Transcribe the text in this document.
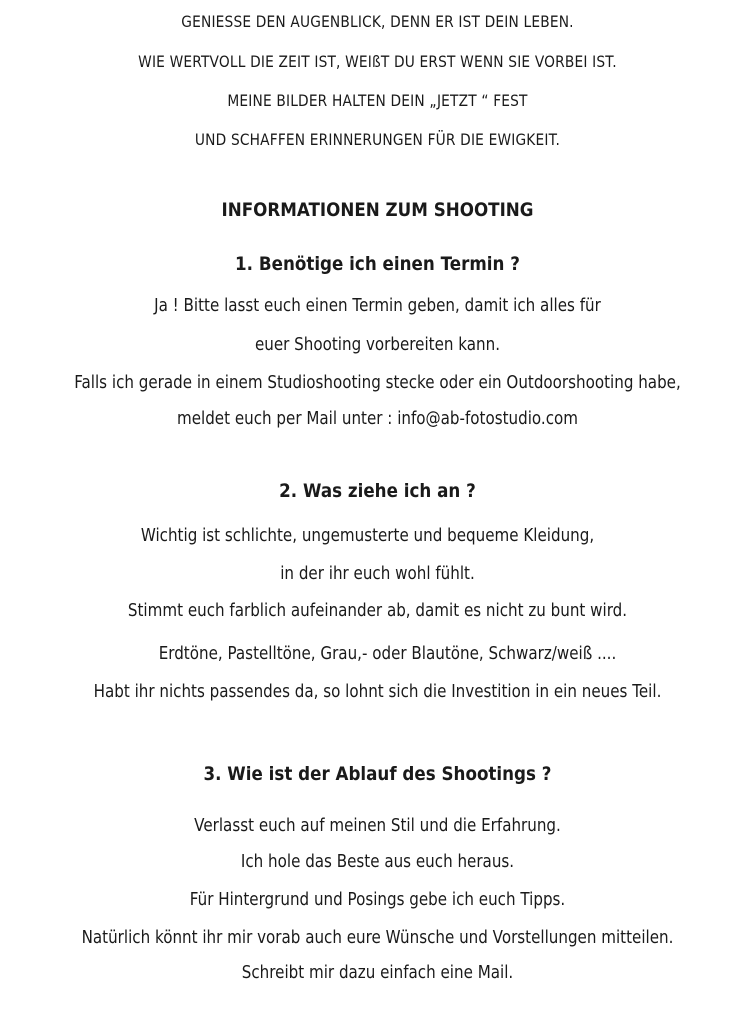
GENIESSE DEN AUGENBLICK, DENN ER IST DEIN LEBEN.
WIE WERTVOLL DIE ZEIT IST, WEIßT DU ERST WENN SIE VORBEI IST.
MEINE BILDER HALTEN DEIN „JETZT “ FEST
UND SCHAFFEN ERINNERUNGEN FÜR DIE EWIGKEIT.
INFORMATIONEN ZUM SHOOTING
1. Benötige ich einen Termin ?
Ja ! Bitte lasst euch einen Termin geben, damit ich alles für
euer Shooting vorbereiten kann.
Falls ich gerade in einem Studioshooting stecke oder ein Outdoorshooting habe,
meldet euch per Mail unter : info@ab-fotostudio.com
2. Was ziehe ich an ?
Wichtig ist schlichte, ungemusterte und bequeme Kleidung,
in der ihr euch wohl fühlt.
Stimmt euch farblich aufeinander ab, damit es nicht zu bunt wird.
Erdtöne, Pastelltöne, Grau,- oder Blautöne, Schwarz/weiß ....
Habt ihr nichts passendes da, so lohnt sich die Investition in ein neues Teil.
3. Wie ist der Ablauf des Shootings ?
Verlasst euch auf meinen Stil und die Erfahrung.
Ich hole das Beste aus euch heraus.
Für Hintergrund und Posings gebe ich euch Tipps.
Natürlich könnt ihr mir vorab auch eure Wünsche und Vorstellungen mitteilen.
Schreibt mir dazu einfach eine Mail.
